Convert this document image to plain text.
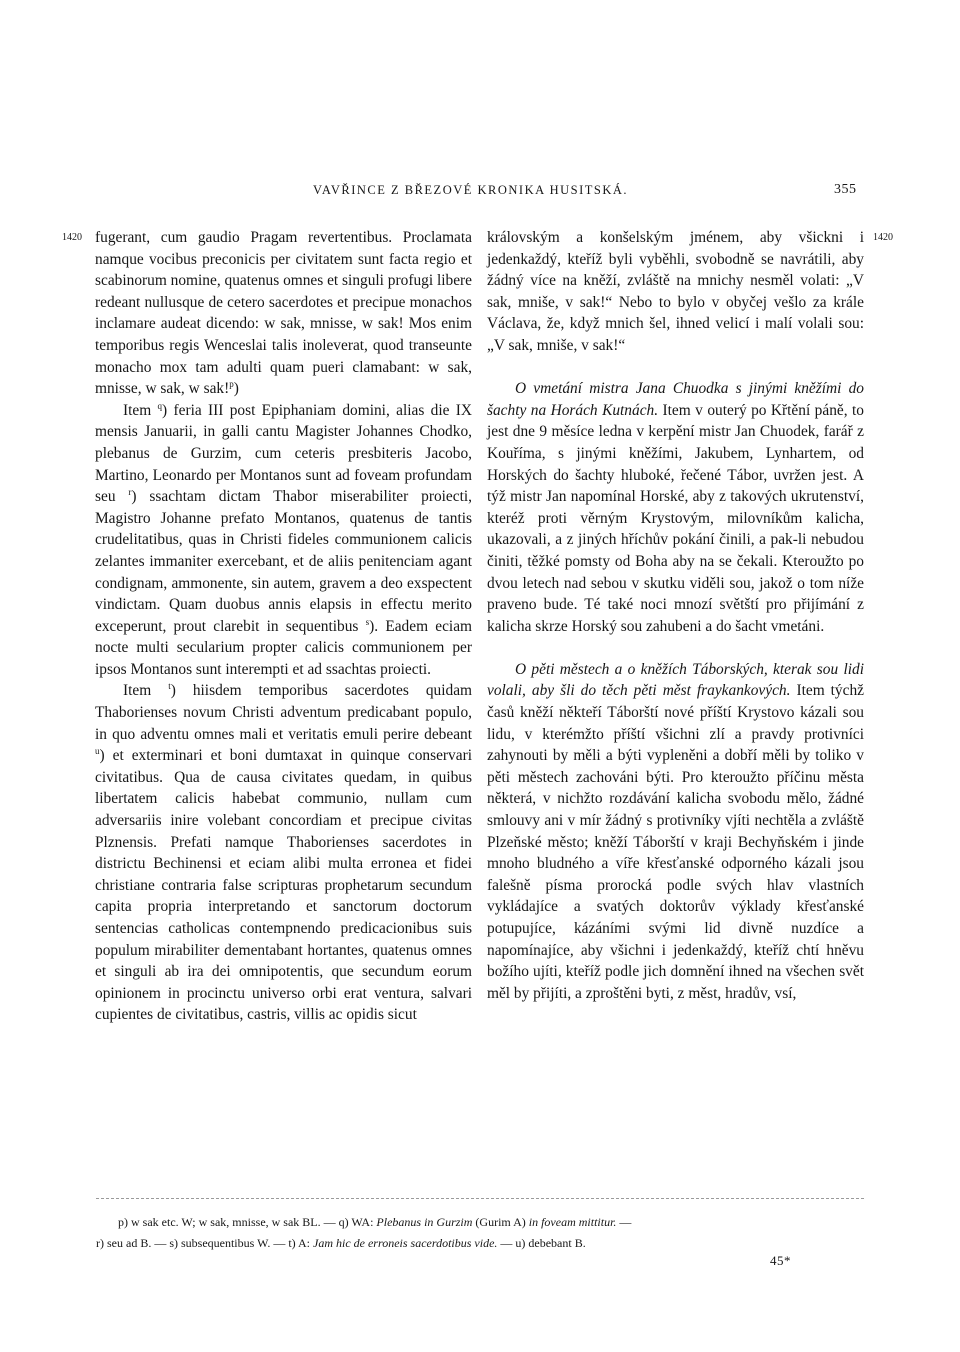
VAVŘINCE Z BŘEZOVÉ KRONIKA HUSITSKÁ.	355
1420	1420

fugerant, cum gaudio Pragam revertentibus. Proclamata namque vocibus preconicis per civitatem sunt facta regio et scabinorum nomine, quatenus omnes et singuli profugi libere redeant nullusque de cetero sacerdotes et precipue monachos inclamare audeat dicendo: w sak, mnisse, w sak! Mos enim temporibus regis Wenceslai talis inoleverat, quod transeunte monacho mox tam adulti quam pueri clamabant: w sak, mnisse, w sak, w sak!$^p$)

Item $^q$) feria III post Epiphaniam domini, alias die IX mensis Januarii, in galli cantu Magister Johannes Chodko, plebanus de Gurzim, cum ceteris presbiteris Jacobo, Martino, Leonardo per Montanos sunt ad foveam profundam seu $^r$) ssachtam dictam Thabor miserabiliter proiecti, Magistro Johanne prefato Montanos, quatenus de tantis crudelitatibus, quas in Christi fideles communionem calicis zelantes immaniter exercebant, et de aliis penitenciam agant condignam, ammonente, sin autem, gravem a deo exspectent vindictam. Quam duobus annis elapsis in effectu merito exceperunt, prout clarebit in sequentibus $^s$). Eadem eciam nocte multi secularium propter calicis communionem per ipsos Montanos sunt interempti et ad ssachtas proiecti.

Item $^t$) hiisdem temporibus sacerdotes quidam Thaborienses novum Christi adventum predicabant populo, in quo adventu omnes mali et veritatis emuli perire debeant $^u$) et exterminari et boni dumtaxat in quinque conservari civitatibus. Qua de causa civitates quedam, in quibus libertatem calicis habebat communio, nullam cum adversariis inire volebant concordiam et precipue civitas Plznensis. Prefati namque Thaborienses sacerdotes in districtu Bechinensi et eciam alibi multa erronea et fidei christiane contraria false scripturas prophetarum secundum capita propria interpretando et sanctorum doctorum sentencias catholicas contempnendo predicacionibus suis populum mirabiliter dementabant hortantes, quatenus omnes et singuli ab ira dei omnipotentis, que secundum eorum opinionem in procinctu universo orbi erat ventura, salvari cupientes de civitatibus, castris, villis ac opidis sicut

královským a konšelským jménem, aby všickni i jedenkaždý, kteříž byli vyběhli, svobodně se navrátili, aby žádný více na kněží, zvláště na mnichy nesměl volati: „V sak, mniše, v sak!“ Nebo to bylo v obyčej vešlo za krále Václava, že, když mnich šel, ihned velicí i malí volali sou: „V sak, mniše, v sak!“

O vmetání mistra Jana Chuodka s jinými kněžími do šachty na Horách Kutnách. Item v outerý po Křtění páně, to jest dne 9 měsíce ledna v kerpění mistr Jan Chuodek, farář z Kouříma, s jinými kněžími, Jakubem, Lynhartem, od Horských do šachty hluboké, řečené Tábor, uvržen jest. A týž mistr Jan napomínal Horské, aby z takových ukrutenství, kteréž proti věrným Krystovým, milovníkům kalicha, ukazovali, a z jiných hříchův pokání činili, a pak-li nebudou činiti, těžké pomsty od Boha aby na se čekali. Kteroužto po dvou letech nad sebou v skutku viděli sou, jakož o tom níže praveno bude. Té také noci mnozí světští pro přijímání z kalicha skrze Horský sou zahubeni a do šacht vmetáni.

O pěti městech a o kněžích Táborských, kterak sou lidi volali, aby šli do těch pěti měst fraykankových. Item týchž časů kněží někteří Táborští nové příští Krystovo kázali sou lidu, v kterémžto příští všichni zlí a pravdy protivníci zahynouti by měli a býti vypleněni a dobří měli by toliko v pěti městech zachováni býti. Pro kteroužto příčinu města některá, v nichžto rozdávání kalicha svobodu mělo, žádné smlouvy ani v mír žádný s protivníky vjíti nechtěla a zvláště Plzeňské město; kněží Táborští v kraji Bechyňském i jinde mnoho bludného a víře křesťanské odporného kázali jsou falešně písma prorocká podle svých hlav vlastních vykládajíce a svatých doktorův výklady křesťanské potupujíce, kázáními svými lid divně nuzdíce a napomínajíce, aby všichni i jedenkaždý, kteříž chtí hněvu božího ujíti, kteříž podle jich domnění ihned na všechen svět měl by přijíti, a zproštěni byti, z měst, hradův, vsí,

p) w sak etc. W; w sak, mnisse, w sak BL. — q) WA: Plebanus in Gurzim (Gurim A) in foveam mittitur. —
r) seu ad B. — s) subsequentibus W. — t) A: Jam hic de erroneis sacerdotibus vide. — u) debebant B.
45*
